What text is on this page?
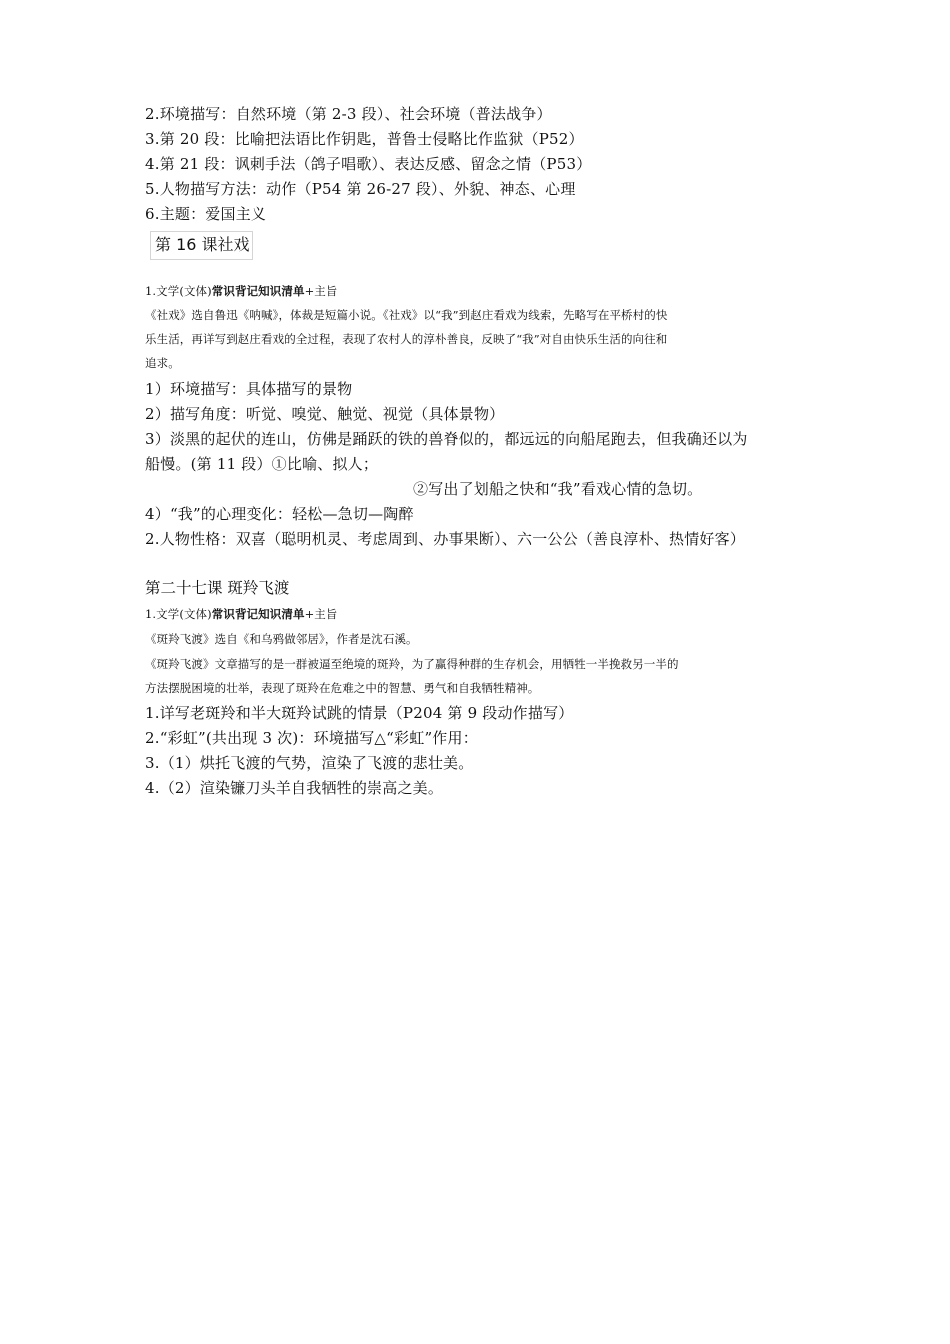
2.环境描写：自然环境（第 2-3 段）、社会环境（普法战争）
3.第 20 段：比喻把法语比作钥匙，普鲁士侵略比作监狱（P52）
4.第 21 段：讽刺手法（鸽子唱歌）、表达反感、留念之情（P53）
5.人物描写方法：动作（P54 第 26-27 段）、外貌、神态、心理
6.主题：爱国主义
第 16 课社戏
1.文学(文体)常识背记知识清单+主旨
《社戏》选自鲁迅《呐喊》，体裁是短篇小说。《社戏》以“我”到赵庄看戏为线索，先略写在平桥村的快
乐生活，再详写到赵庄看戏的全过程，表现了农村人的淳朴善良，反映了“我”对自由快乐生活的向往和
追求。
1）环境描写：具体描写的景物
2）描写角度：听觉、嗅觉、触觉、视觉（具体景物）
3）淡黑的起伏的连山，仿佛是踊跃的铁的兽脊似的，都远远的向船尾跑去，但我确还以为
船慢。(第 11 段）①比喻、拟人；
②写出了划船之快和“我”看戏心情的急切。
4）“我”的心理变化：轻松—急切—陶醉
2.人物性格：双喜（聪明机灵、考虑周到、办事果断）、六一公公（善良淳朴、热情好客）
第二十七课 斑羚飞渡
1.文学(文体)常识背记知识清单+主旨
《斑羚飞渡》选自《和乌鸦做邻居》，作者是沈石溪。
《斑羚飞渡》文章描写的是一群被逼至绝境的斑羚，为了赢得种群的生存机会，用牺牲一半挽救另一半的
方法摆脱困境的壮举，表现了斑羚在危难之中的智慧、勇气和自我牺牲精神。
1.详写老斑羚和半大斑羚试跳的情景（P204 第 9 段动作描写）
2.“彩虹”(共出现 3 次)：环境描写△“彩虹”作用：
3.（1）烘托飞渡的气势，渲染了飞渡的悲壮美。
4.（2）渲染镰刀头羊自我牺牲的崇高之美。
